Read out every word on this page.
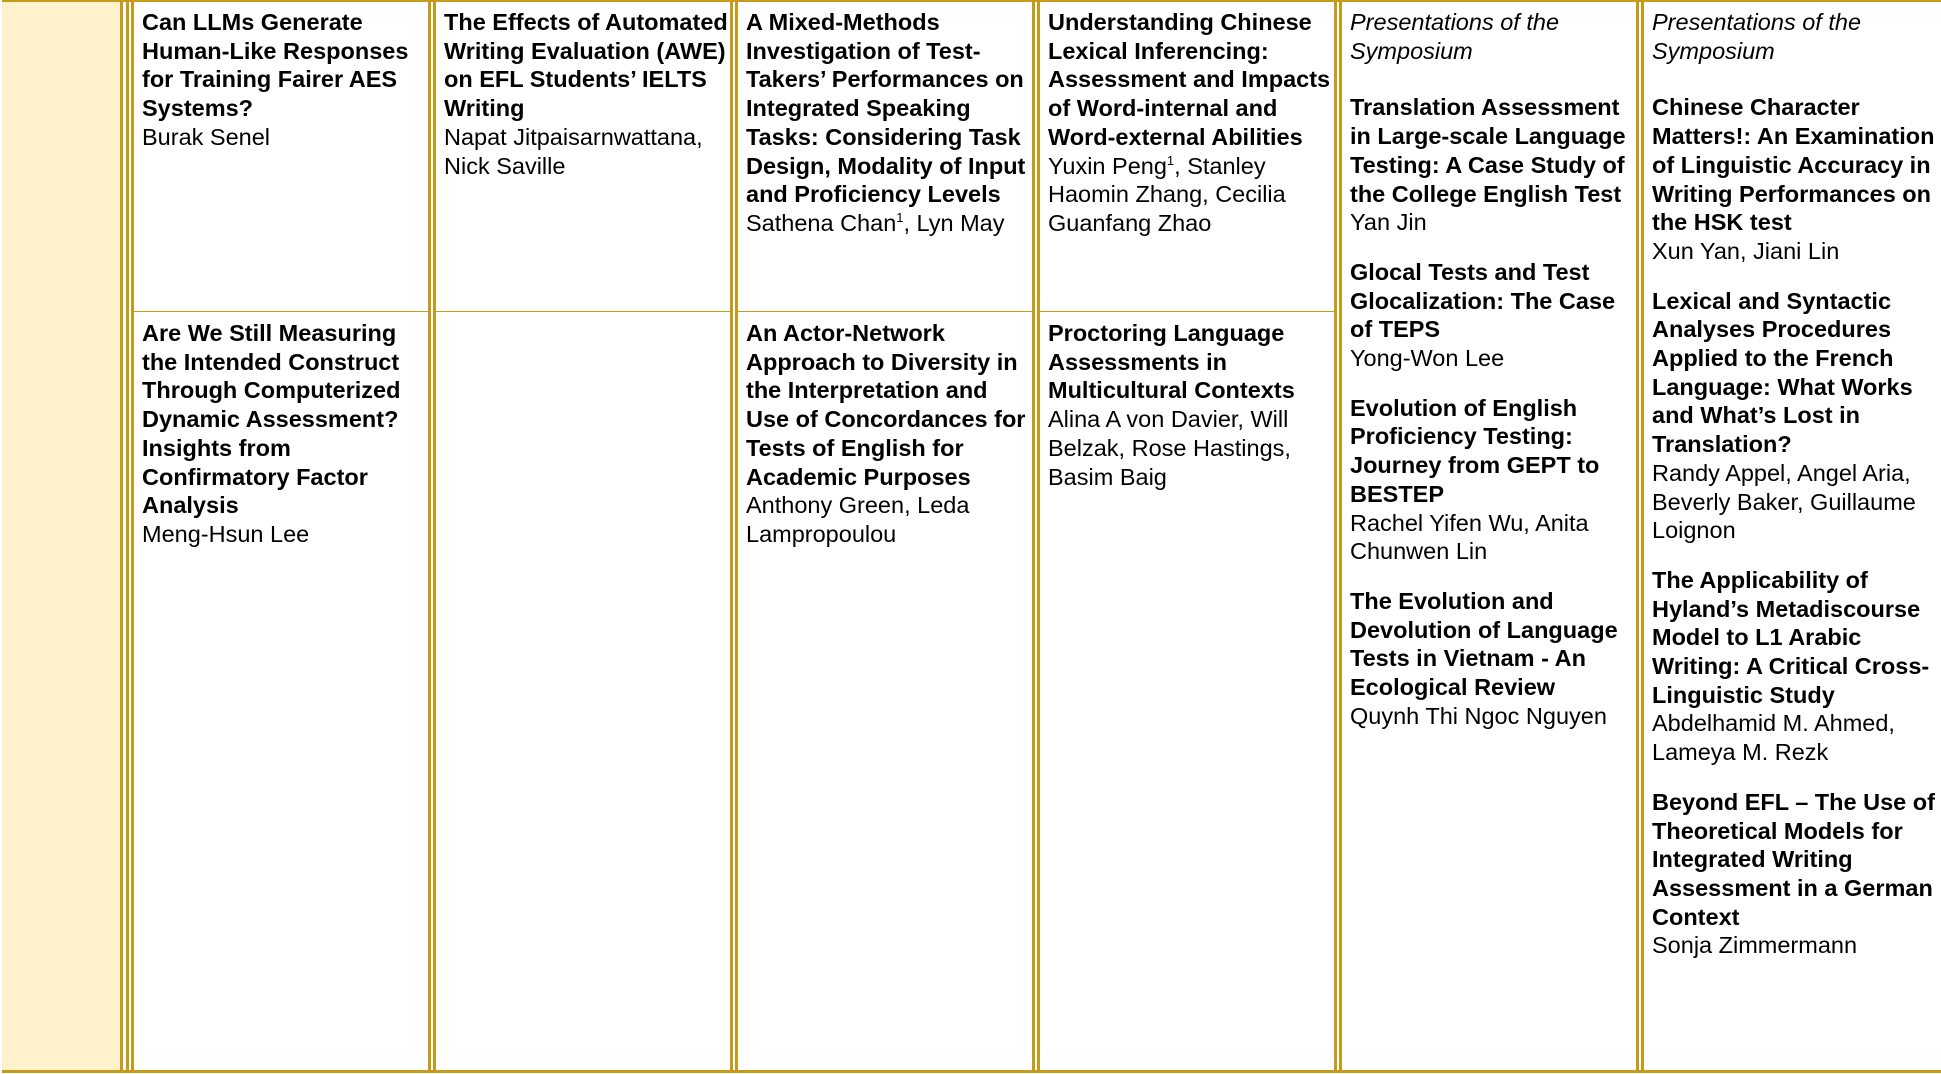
Can LLMs Generate Human-Like Responses for Training Fairer AES Systems?
Burak Senel
Are We Still Measuring the Intended Construct Through Computerized Dynamic Assessment? Insights from Confirmatory Factor Analysis
Meng-Hsun Lee
The Effects of Automated Writing Evaluation (AWE) on EFL Students’ IELTS Writing
Napat Jitpaisarnwattana, Nick Saville
A Mixed-Methods Investigation of Test-Takers’ Performances on Integrated Speaking Tasks: Considering Task Design, Modality of Input and Proficiency Levels
Sathena Chan$^1$, Lyn May
An Actor-Network Approach to Diversity in the Interpretation and Use of Concordances for Tests of English for Academic Purposes
Anthony Green, Leda Lampropoulou
Understanding Chinese Lexical Inferencing: Assessment and Impacts of Word-internal and Word-external Abilities
Yuxin Peng$^1$, Stanley Haomin Zhang, Cecilia Guanfang Zhao
Proctoring Language Assessments in Multicultural Contexts
Alina A von Davier, Will Belzak, Rose Hastings, Basim Baig
Presentations of the Symposium
Translation Assessment in Large-scale Language Testing: A Case Study of the College English Test
Yan Jin
Glocal Tests and Test Glocalization: The Case of TEPS
Yong-Won Lee
Evolution of English Proficiency Testing: Journey from GEPT to BESTEP
Rachel Yifen Wu, Anita Chunwen Lin
The Evolution and Devolution of Language Tests in Vietnam - An Ecological Review
Quynh Thi Ngoc Nguyen
Presentations of the Symposium
Chinese Character Matters!: An Examination of Linguistic Accuracy in Writing Performances on the HSK test
Xun Yan, Jiani Lin
Lexical and Syntactic Analyses Procedures Applied to the French Language: What Works and What’s Lost in Translation?
Randy Appel, Angel Aria, Beverly Baker, Guillaume Loignon
The Applicability of Hyland’s Metadiscourse Model to L1 Arabic Writing: A Critical Cross-Linguistic Study
Abdelhamid M. Ahmed, Lameya M. Rezk
Beyond EFL – The Use of Theoretical Models for Integrated Writing Assessment in a German Context
Sonja Zimmermann
